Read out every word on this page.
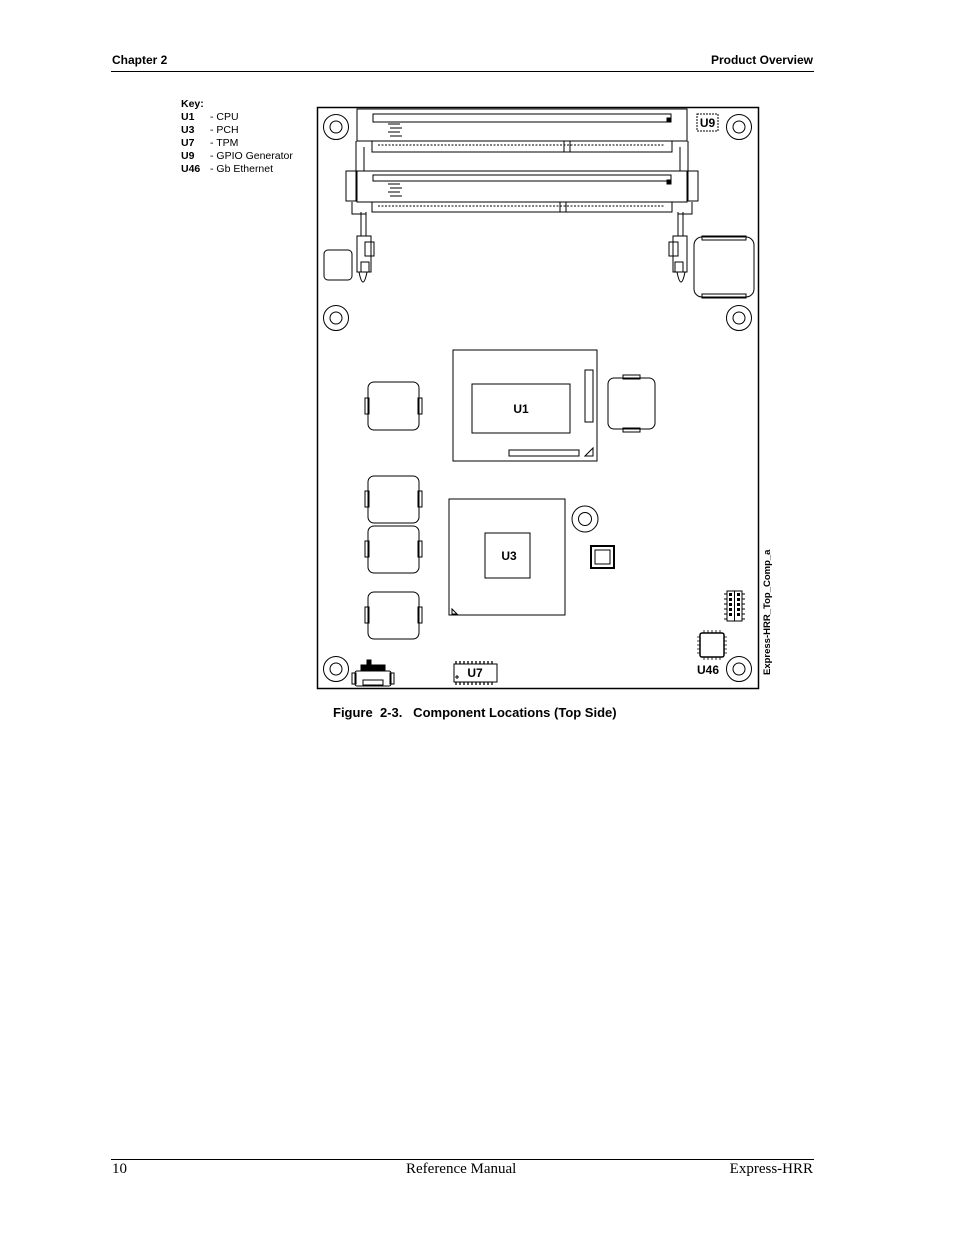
Chapter 2	Product Overview
Key:
U1	- CPU
U3	- PCH
U7	- TPM
U9	- GPIO Generator
U46 - Gb Ethernet
U1
U3
U9
U46
U7	Express-HRR_Top_Comp_a
Figure  2-3.   Component Locations (Top Side)
10	Reference Manual	Express-HRR
